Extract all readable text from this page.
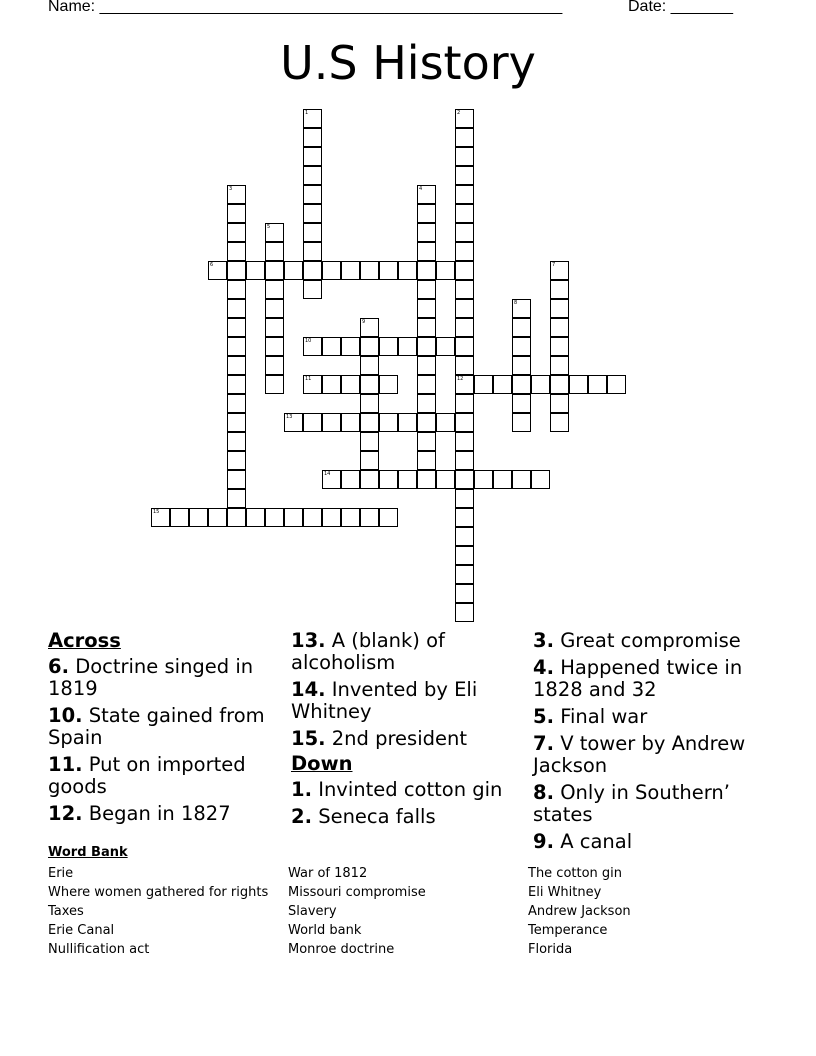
Name: ____________________________________________________	Date: _______
U.S History
1	2
12
3	4
5
6	7
8
9
10
11
13
14
15
Across
6. Doctrine singed in 1819
10. State gained from Spain
11. Put on imported goods
12. Began in 1827
13. A (blank) of alcoholism
14. Invented by Eli Whitney
15. 2nd president
Down
1. Invinted cotton gin
2. Seneca falls
3. Great compromise
4. Happened twice in 1828 and 32
5. Final war
7. V tower by Andrew Jackson
8. Only in Southern’ states
9. A canal
Word Bank
Erie
Where women gathered for rights
Taxes
Erie Canal
Nullification act
War of 1812
Missouri compromise
Slavery
World bank
Monroe doctrine
The cotton gin
Eli Whitney
Andrew Jackson
Temperance
Florida
